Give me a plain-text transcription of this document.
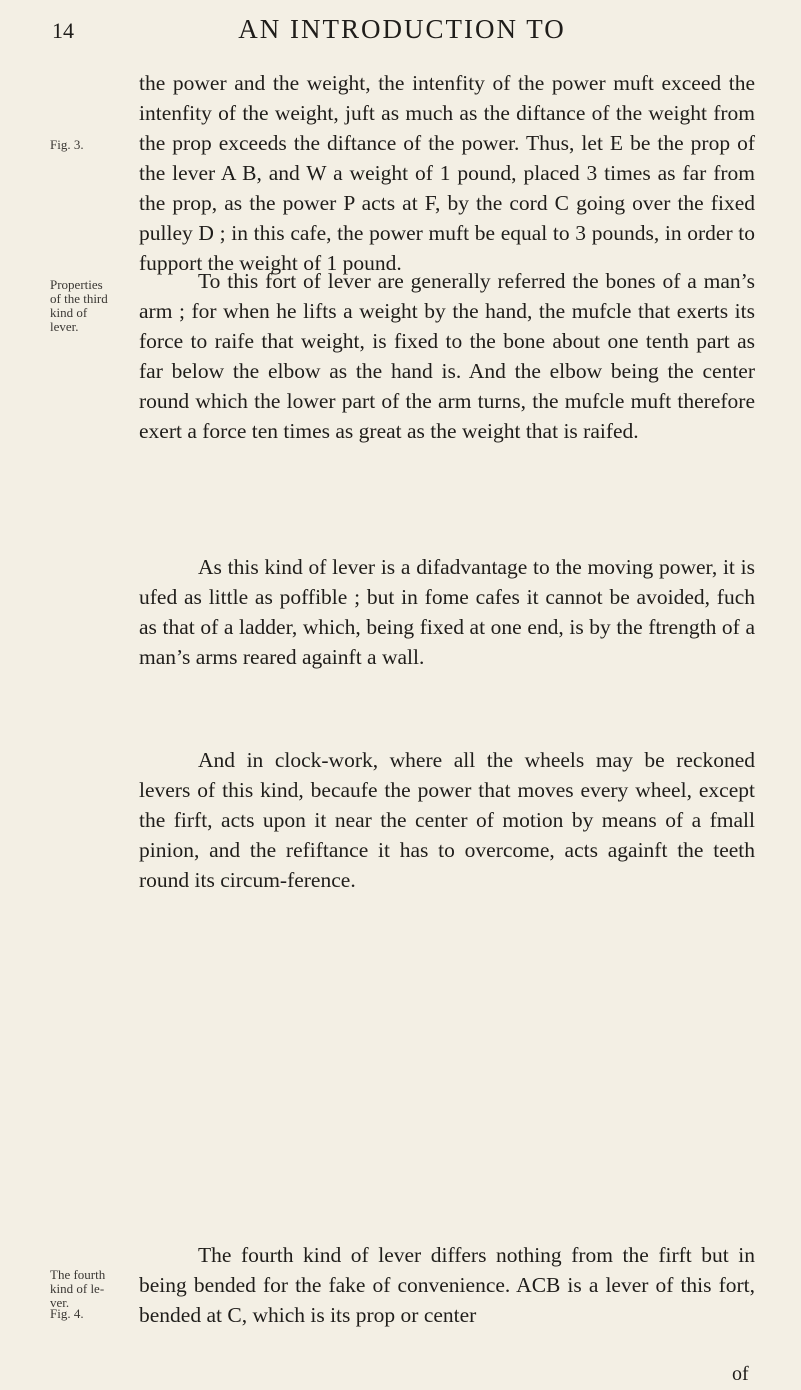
14	AN INTRODUCTION TO
Fig. 3.
the power and the weight, the intenfity of the power muft exceed the intenfity of the weight, juft as much as the diftance of the weight from the prop exceeds the diftance of the power. Thus, let E be the prop of the lever A B, and W a weight of 1 pound, placed 3 times as far from the prop, as the power P acts at F, by the cord C going over the fixed pulley D ; in this cafe, the power muft be equal to 3 pounds, in order to fupport the weight of 1 pound.
Properties of the third kind of lever.
To this fort of lever are generally referred the bones of a man’s arm ; for when he lifts a weight by the hand, the mufcle that exerts its force to raife that weight, is fixed to the bone about one tenth part as far below the elbow as the hand is. And the elbow being the center round which the lower part of the arm turns, the mufcle muft therefore exert a force ten times as great as the weight that is raifed.
As this kind of lever is a difadvantage to the moving power, it is ufed as little as poffible ; but in fome cafes it cannot be avoided, fuch as that of a ladder, which, being fixed at one end, is by the ftrength of a man’s arms reared againft a wall.
And in clock-work, where all the wheels may be reckoned levers of this kind, becaufe the power that moves every wheel, except the firft, acts upon it near the center of motion by means of a fmall pinion, and the refiftance it has to overcome, acts againft the teeth round its circum-ference.
The fourth kind of le-ver.
Fig. 4.
The fourth kind of lever differs nothing from the firft but in being bended for the fake of convenience. ACB is a lever of this fort, bended at C, which is its prop or center
of
